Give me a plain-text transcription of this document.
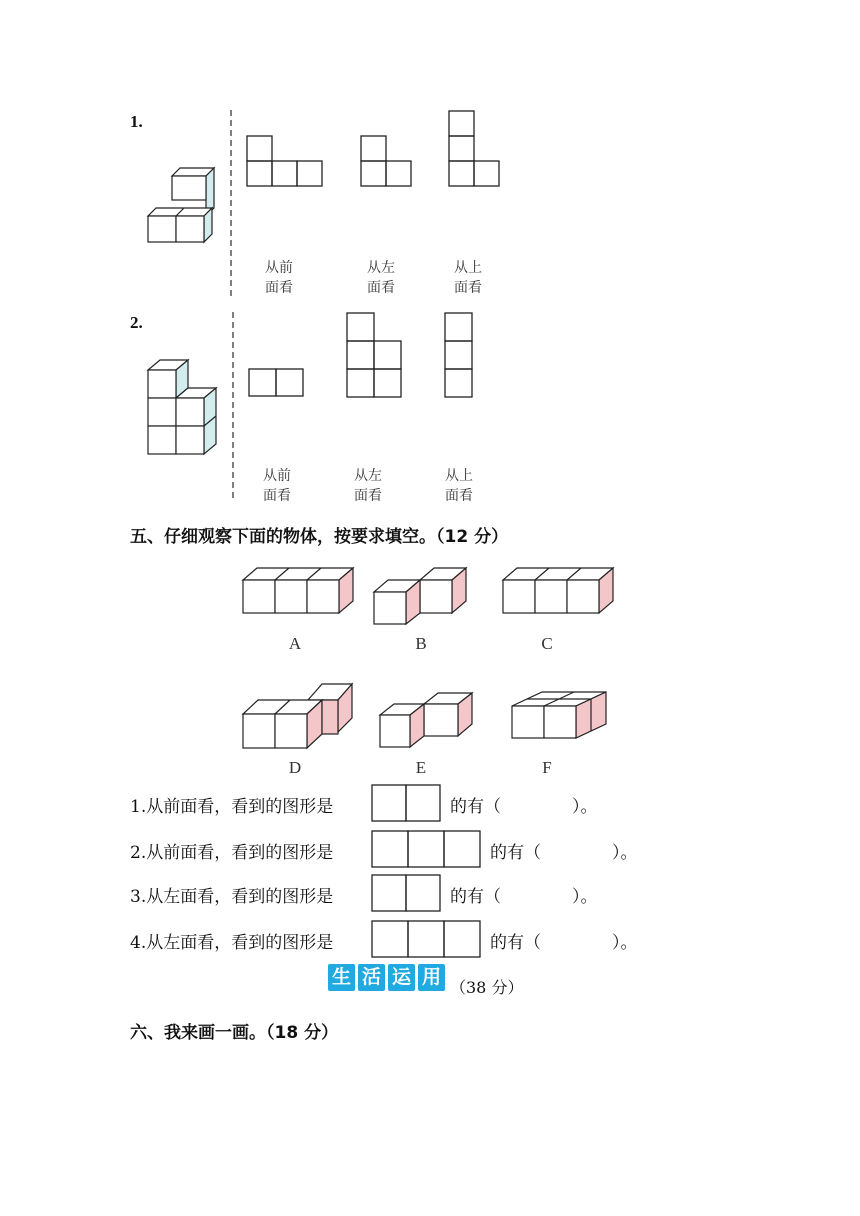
1.
从前
面看
从左
面看
从上
面看
2.
从前
面看
从左
面看
从上
面看
五、仔细观察下面的物体，按要求填空。（12 分）
A	B	C
D	E	F
1.从前面看，看到的图形是	的有（	）。
2.从前面看，看到的图形是	的有（	）。
3.从左面看，看到的图形是	的有（	）。
4.从左面看，看到的图形是	的有（	）。
生 活 运 用 （38 分）
六、我来画一画。（18 分）
